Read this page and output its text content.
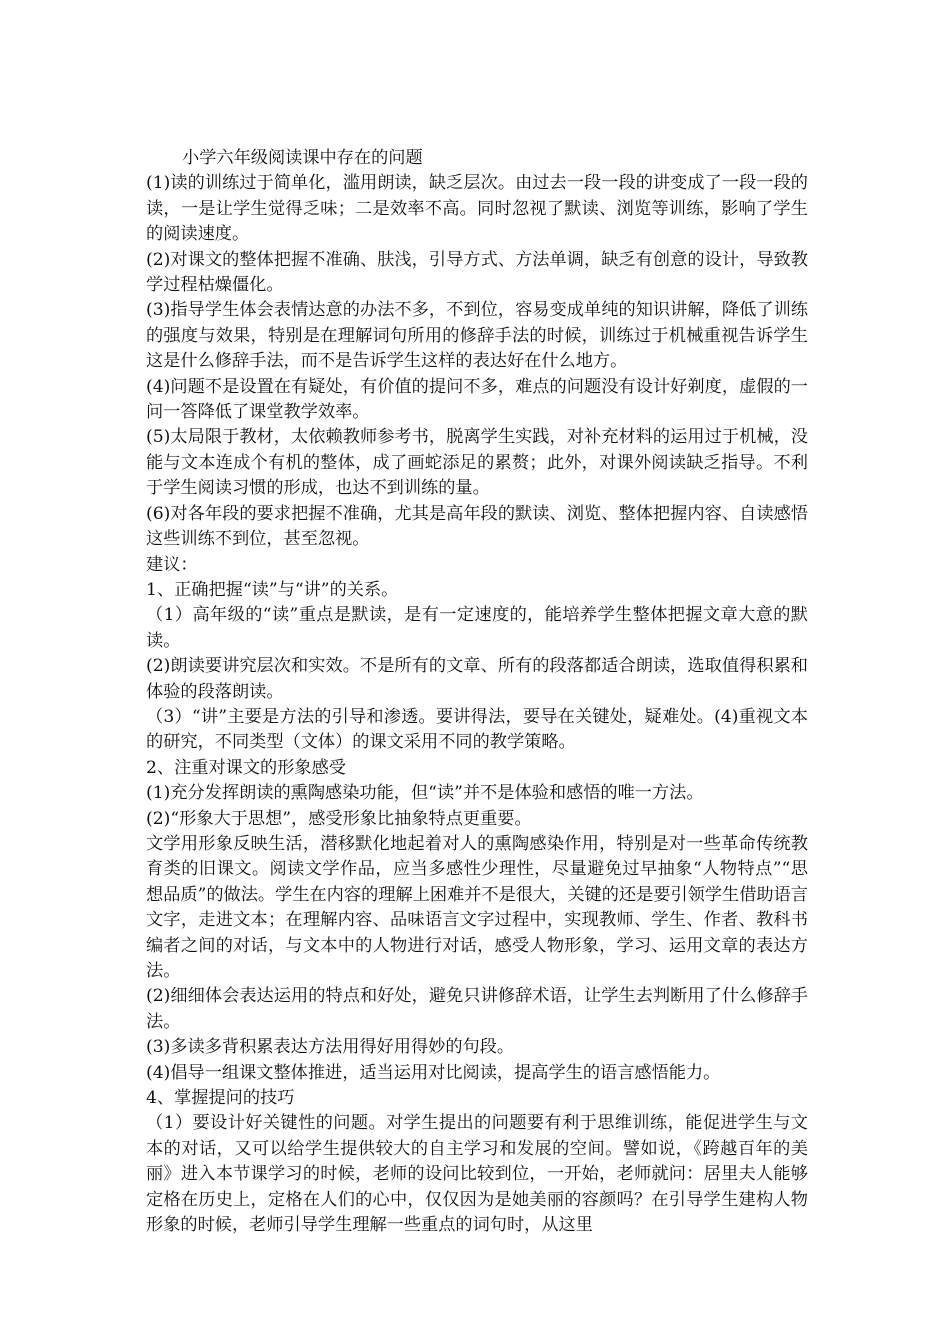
小学六年级阅读课中存在的问题

(1)读的训练过于简单化，滥用朗读，缺乏层次。由过去一段一段的讲变成了一段一段的读，一是让学生觉得乏味；二是效率不高。同时忽视了默读、浏览等训练，影响了学生的阅读速度。

(2)对课文的整体把握不准确、肤浅，引导方式、方法单调，缺乏有创意的设计，导致教学过程枯燥僵化。

(3)指导学生体会表情达意的办法不多，不到位，容易变成单纯的知识讲解，降低了训练的强度与效果，特别是在理解词句所用的修辞手法的时候，训练过于机械重视告诉学生这是什么修辞手法，而不是告诉学生这样的表达好在什么地方。

(4)问题不是设置在有疑处，有价值的提问不多，难点的问题没有设计好剃度，虚假的一问一答降低了课堂教学效率。

(5)太局限于教材，太依赖教师参考书，脱离学生实践，对补充材料的运用过于机械，没能与文本连成个有机的整体，成了画蛇添足的累赘；此外，对课外阅读缺乏指导。不利于学生阅读习惯的形成，也达不到训练的量。

(6)对各年段的要求把握不准确，尤其是高年段的默读、浏览、整体把握内容、自读感悟这些训练不到位，甚至忽视。

建议：

1、正确把握“读”与“讲”的关系。

（1）高年级的“读”重点是默读，是有一定速度的，能培养学生整体把握文章大意的默读。

(2)朗读要讲究层次和实效。不是所有的文章、所有的段落都适合朗读，选取值得积累和体验的段落朗读。

（3）“讲”主要是方法的引导和渗透。要讲得法，要导在关键处，疑难处。(4)重视文本的研究，不同类型（文体）的课文采用不同的教学策略。

2、注重对课文的形象感受

(1)充分发挥朗读的熏陶感染功能，但“读”并不是体验和感悟的唯一方法。

(2)“形象大于思想”，感受形象比抽象特点更重要。

文学用形象反映生活，潜移默化地起着对人的熏陶感染作用，特别是对一些革命传统教育类的旧课文。阅读文学作品，应当多感性少理性，尽量避免过早抽象“人物特点”“思想品质”的做法。学生在内容的理解上困难并不是很大，关键的还是要引领学生借助语言文字，走进文本；在理解内容、品味语言文字过程中，实现教师、学生、作者、教科书编者之间的对话，与文本中的人物进行对话，感受人物形象，学习、运用文章的表达方法。

(2)细细体会表达运用的特点和好处，避免只讲修辞术语，让学生去判断用了什么修辞手法。

(3)多读多背积累表达方法用得好用得妙的句段。

(4)倡导一组课文整体推进，适当运用对比阅读，提高学生的语言感悟能力。

4、掌握提问的技巧

（1）要设计好关键性的问题。对学生提出的问题要有利于思维训练，能促进学生与文本的对话，又可以给学生提供较大的自主学习和发展的空间。譬如说，《跨越百年的美丽》进入本节课学习的时候，老师的设问比较到位，一开始，老师就问：居里夫人能够定格在历史上，定格在人们的心中，仅仅因为是她美丽的容颜吗？在引导学生建构人物形象的时候，老师引导学生理解一些重点的词句时，从这里
